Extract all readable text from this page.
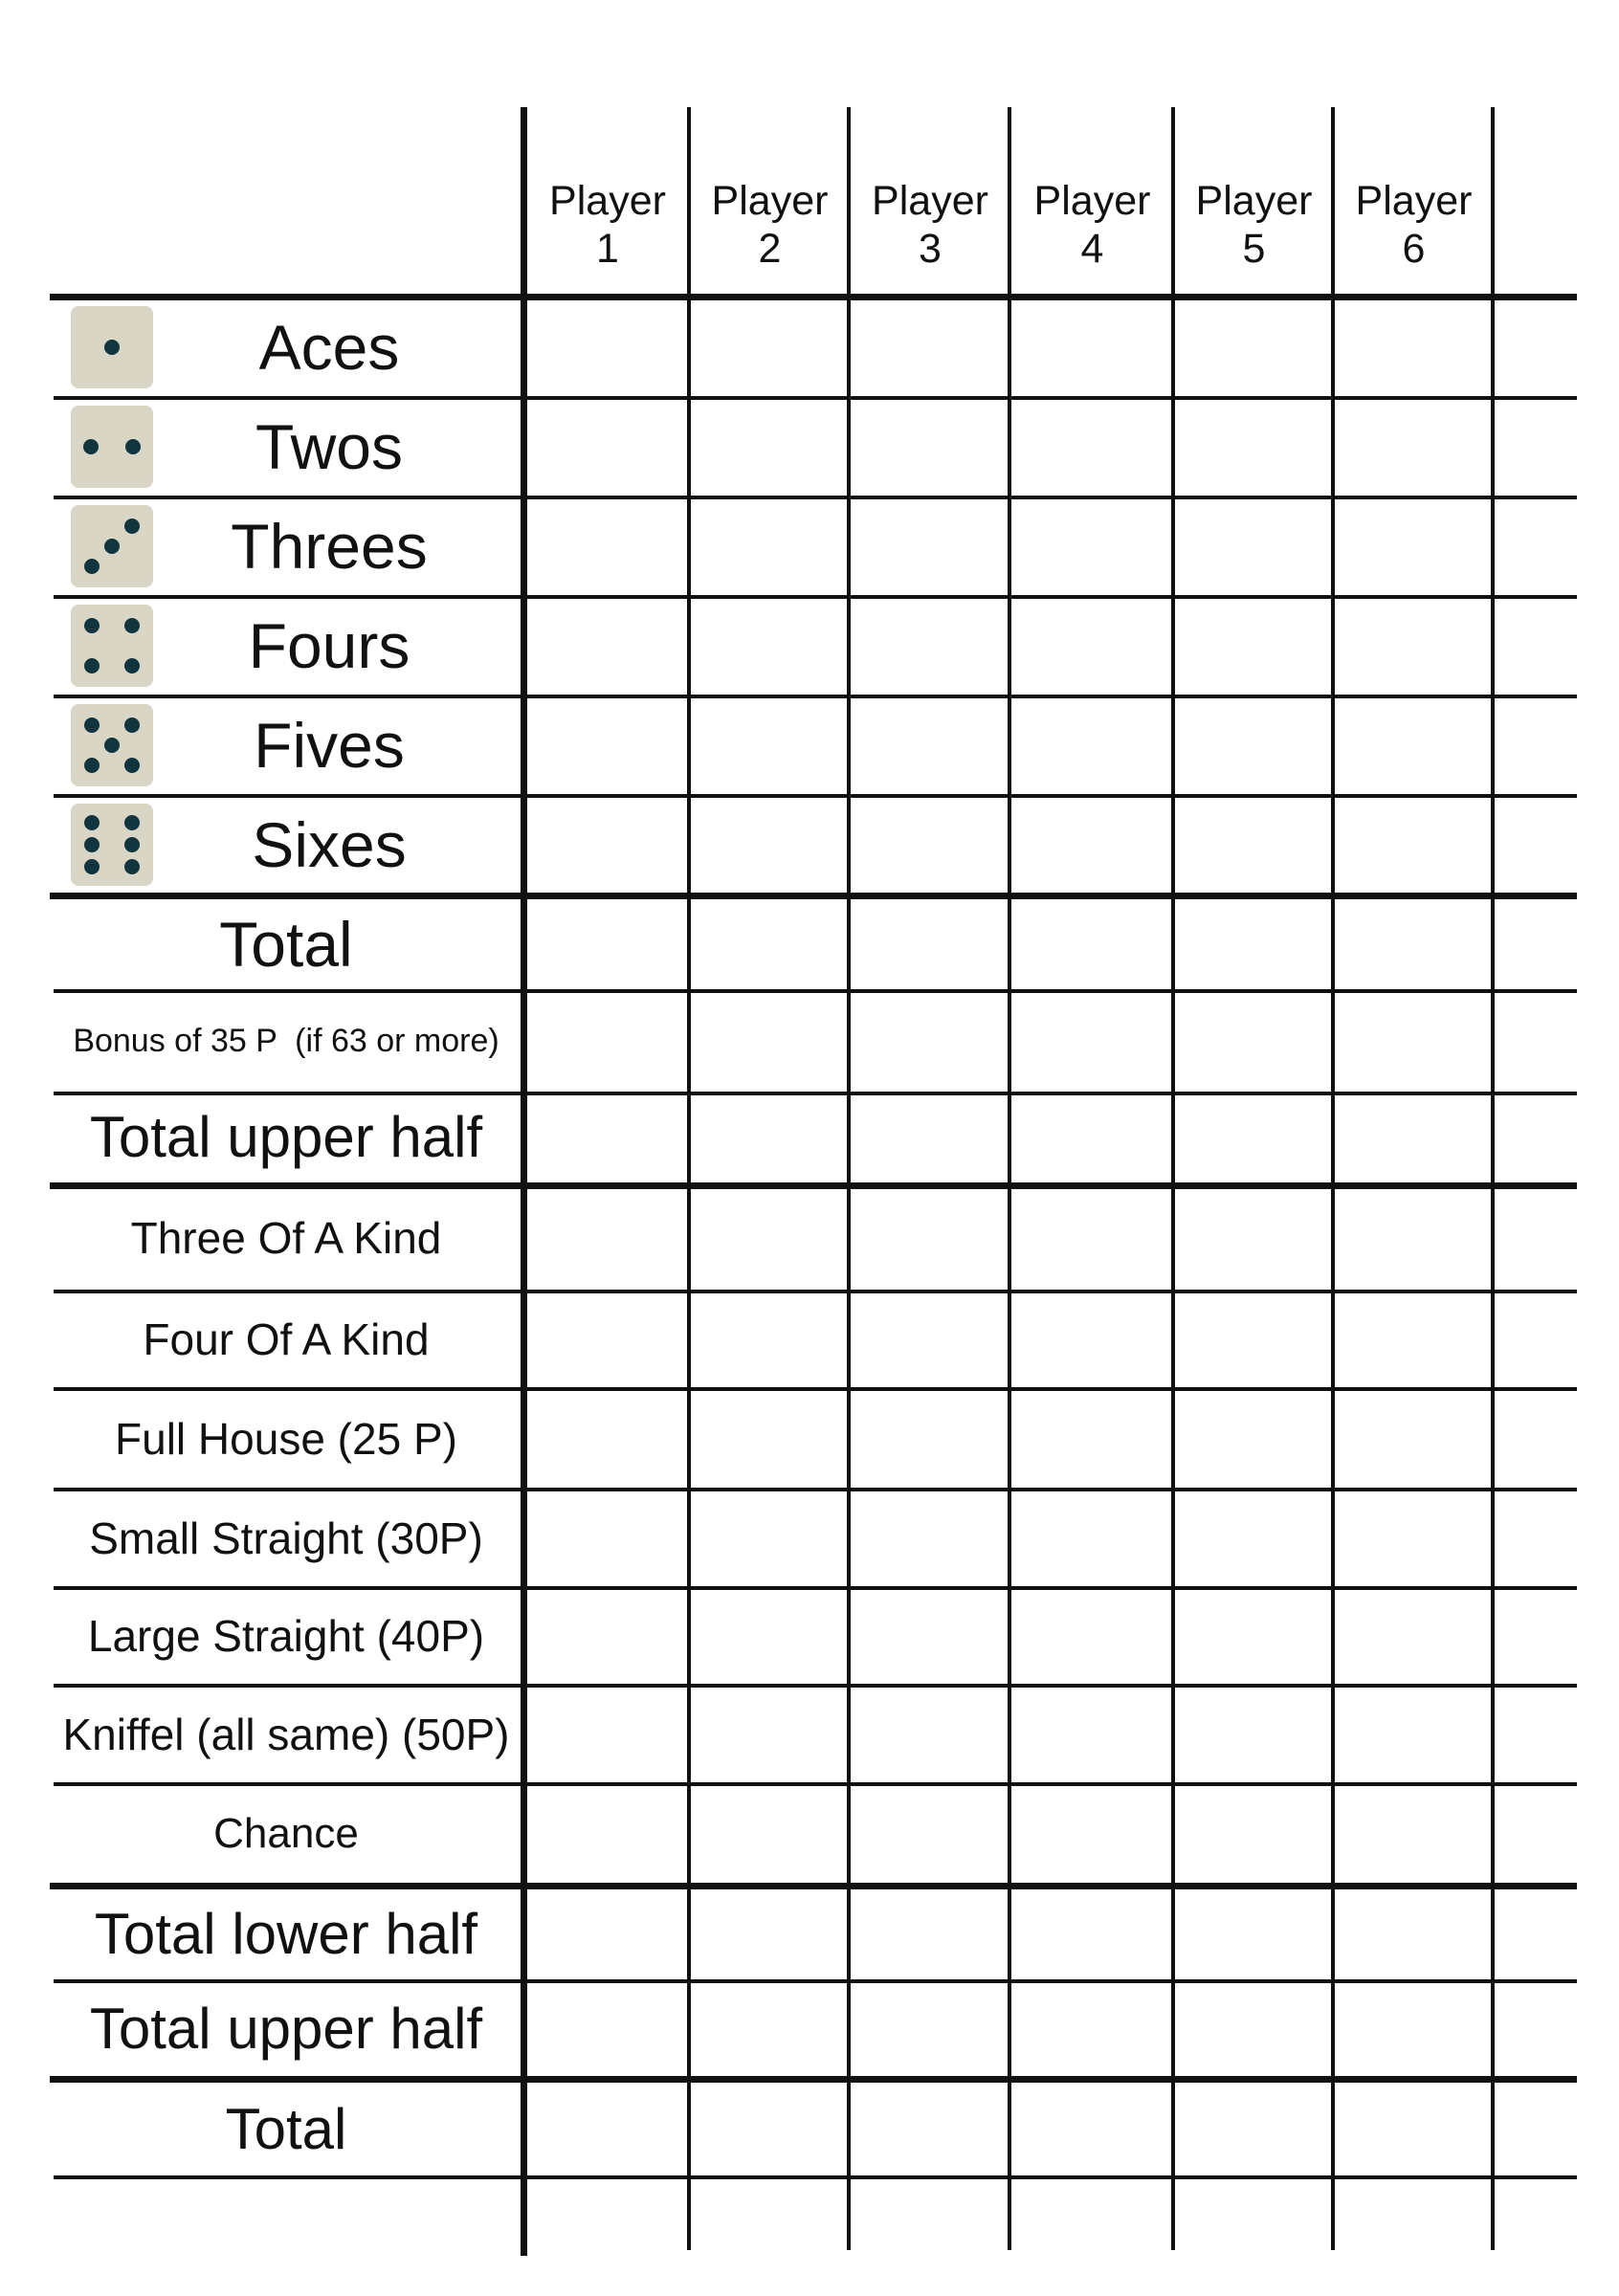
Player
1
Player
2
Player
3
Player
4
Player
5
Player
6
Aces
Twos
Threes
Fours
Fives
Sixes
Total
Bonus of 35 P  (if 63 or more)
Total upper half
Three Of A Kind
Four Of A Kind
Full House (25 P)
Small Straight (30P)
Large Straight (40P)
Kniffel (all same) (50P)
Chance
Total lower half
Total upper half
Total
